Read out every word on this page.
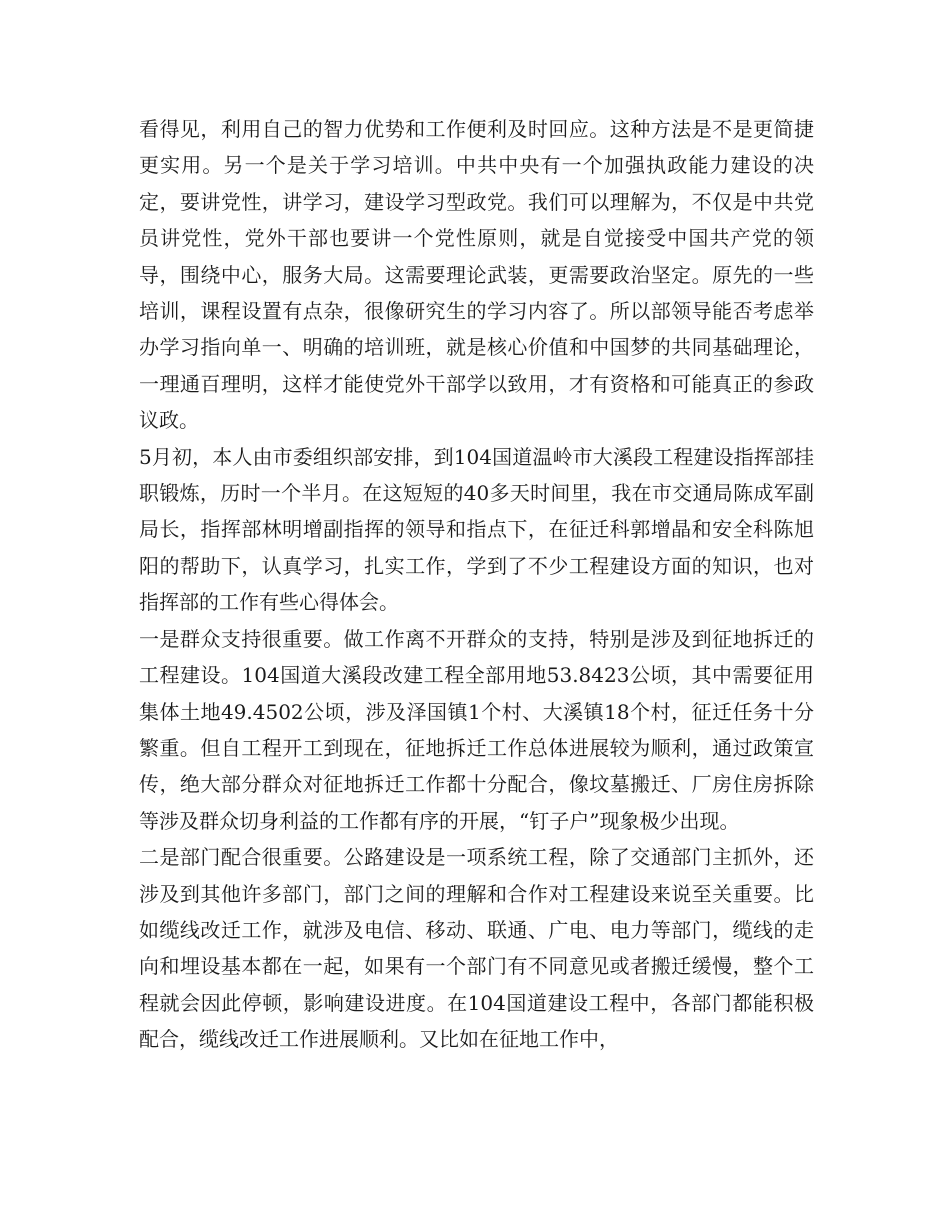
看得见，利用自己的智力优势和工作便利及时回应。这种方法是不是更简捷更实用。另一个是关于学习培训。中共中央有一个加强执政能力建设的决定，要讲党性，讲学习，建设学习型政党。我们可以理解为，不仅是中共党员讲党性，党外干部也要讲一个党性原则，就是自觉接受中国共产党的领导，围绕中心，服务大局。这需要理论武装，更需要政治坚定。原先的一些培训，课程设置有点杂，很像研究生的学习内容了。所以部领导能否考虑举办学习指向单一、明确的培训班，就是核心价值和中国梦的共同基础理论，一理通百理明，这样才能使党外干部学以致用，才有资格和可能真正的参政议政。

5月初，本人由市委组织部安排，到104国道温岭市大溪段工程建设指挥部挂职锻炼，历时一个半月。在这短短的40多天时间里，我在市交通局陈成军副局长，指挥部林明增副指挥的领导和指点下，在征迁科郭增晶和安全科陈旭阳的帮助下，认真学习，扎实工作，学到了不少工程建设方面的知识，也对指挥部的工作有些心得体会。

一是群众支持很重要。做工作离不开群众的支持，特别是涉及到征地拆迁的工程建设。104国道大溪段改建工程全部用地53.8423公顷，其中需要征用集体土地49.4502公顷，涉及泽国镇1个村、大溪镇18个村，征迁任务十分繁重。但自工程开工到现在，征地拆迁工作总体进展较为顺利，通过政策宣传，绝大部分群众对征地拆迁工作都十分配合，像坟墓搬迁、厂房住房拆除等涉及群众切身利益的工作都有序的开展，“钉子户”现象极少出现。

二是部门配合很重要。公路建设是一项系统工程，除了交通部门主抓外，还涉及到其他许多部门，部门之间的理解和合作对工程建设来说至关重要。比如缆线改迁工作，就涉及电信、移动、联通、广电、电力等部门，缆线的走向和埋设基本都在一起，如果有一个部门有不同意见或者搬迁缓慢，整个工程就会因此停顿，影响建设进度。在104国道建设工程中，各部门都能积极配合，缆线改迁工作进展顺利。又比如在征地工作中，
